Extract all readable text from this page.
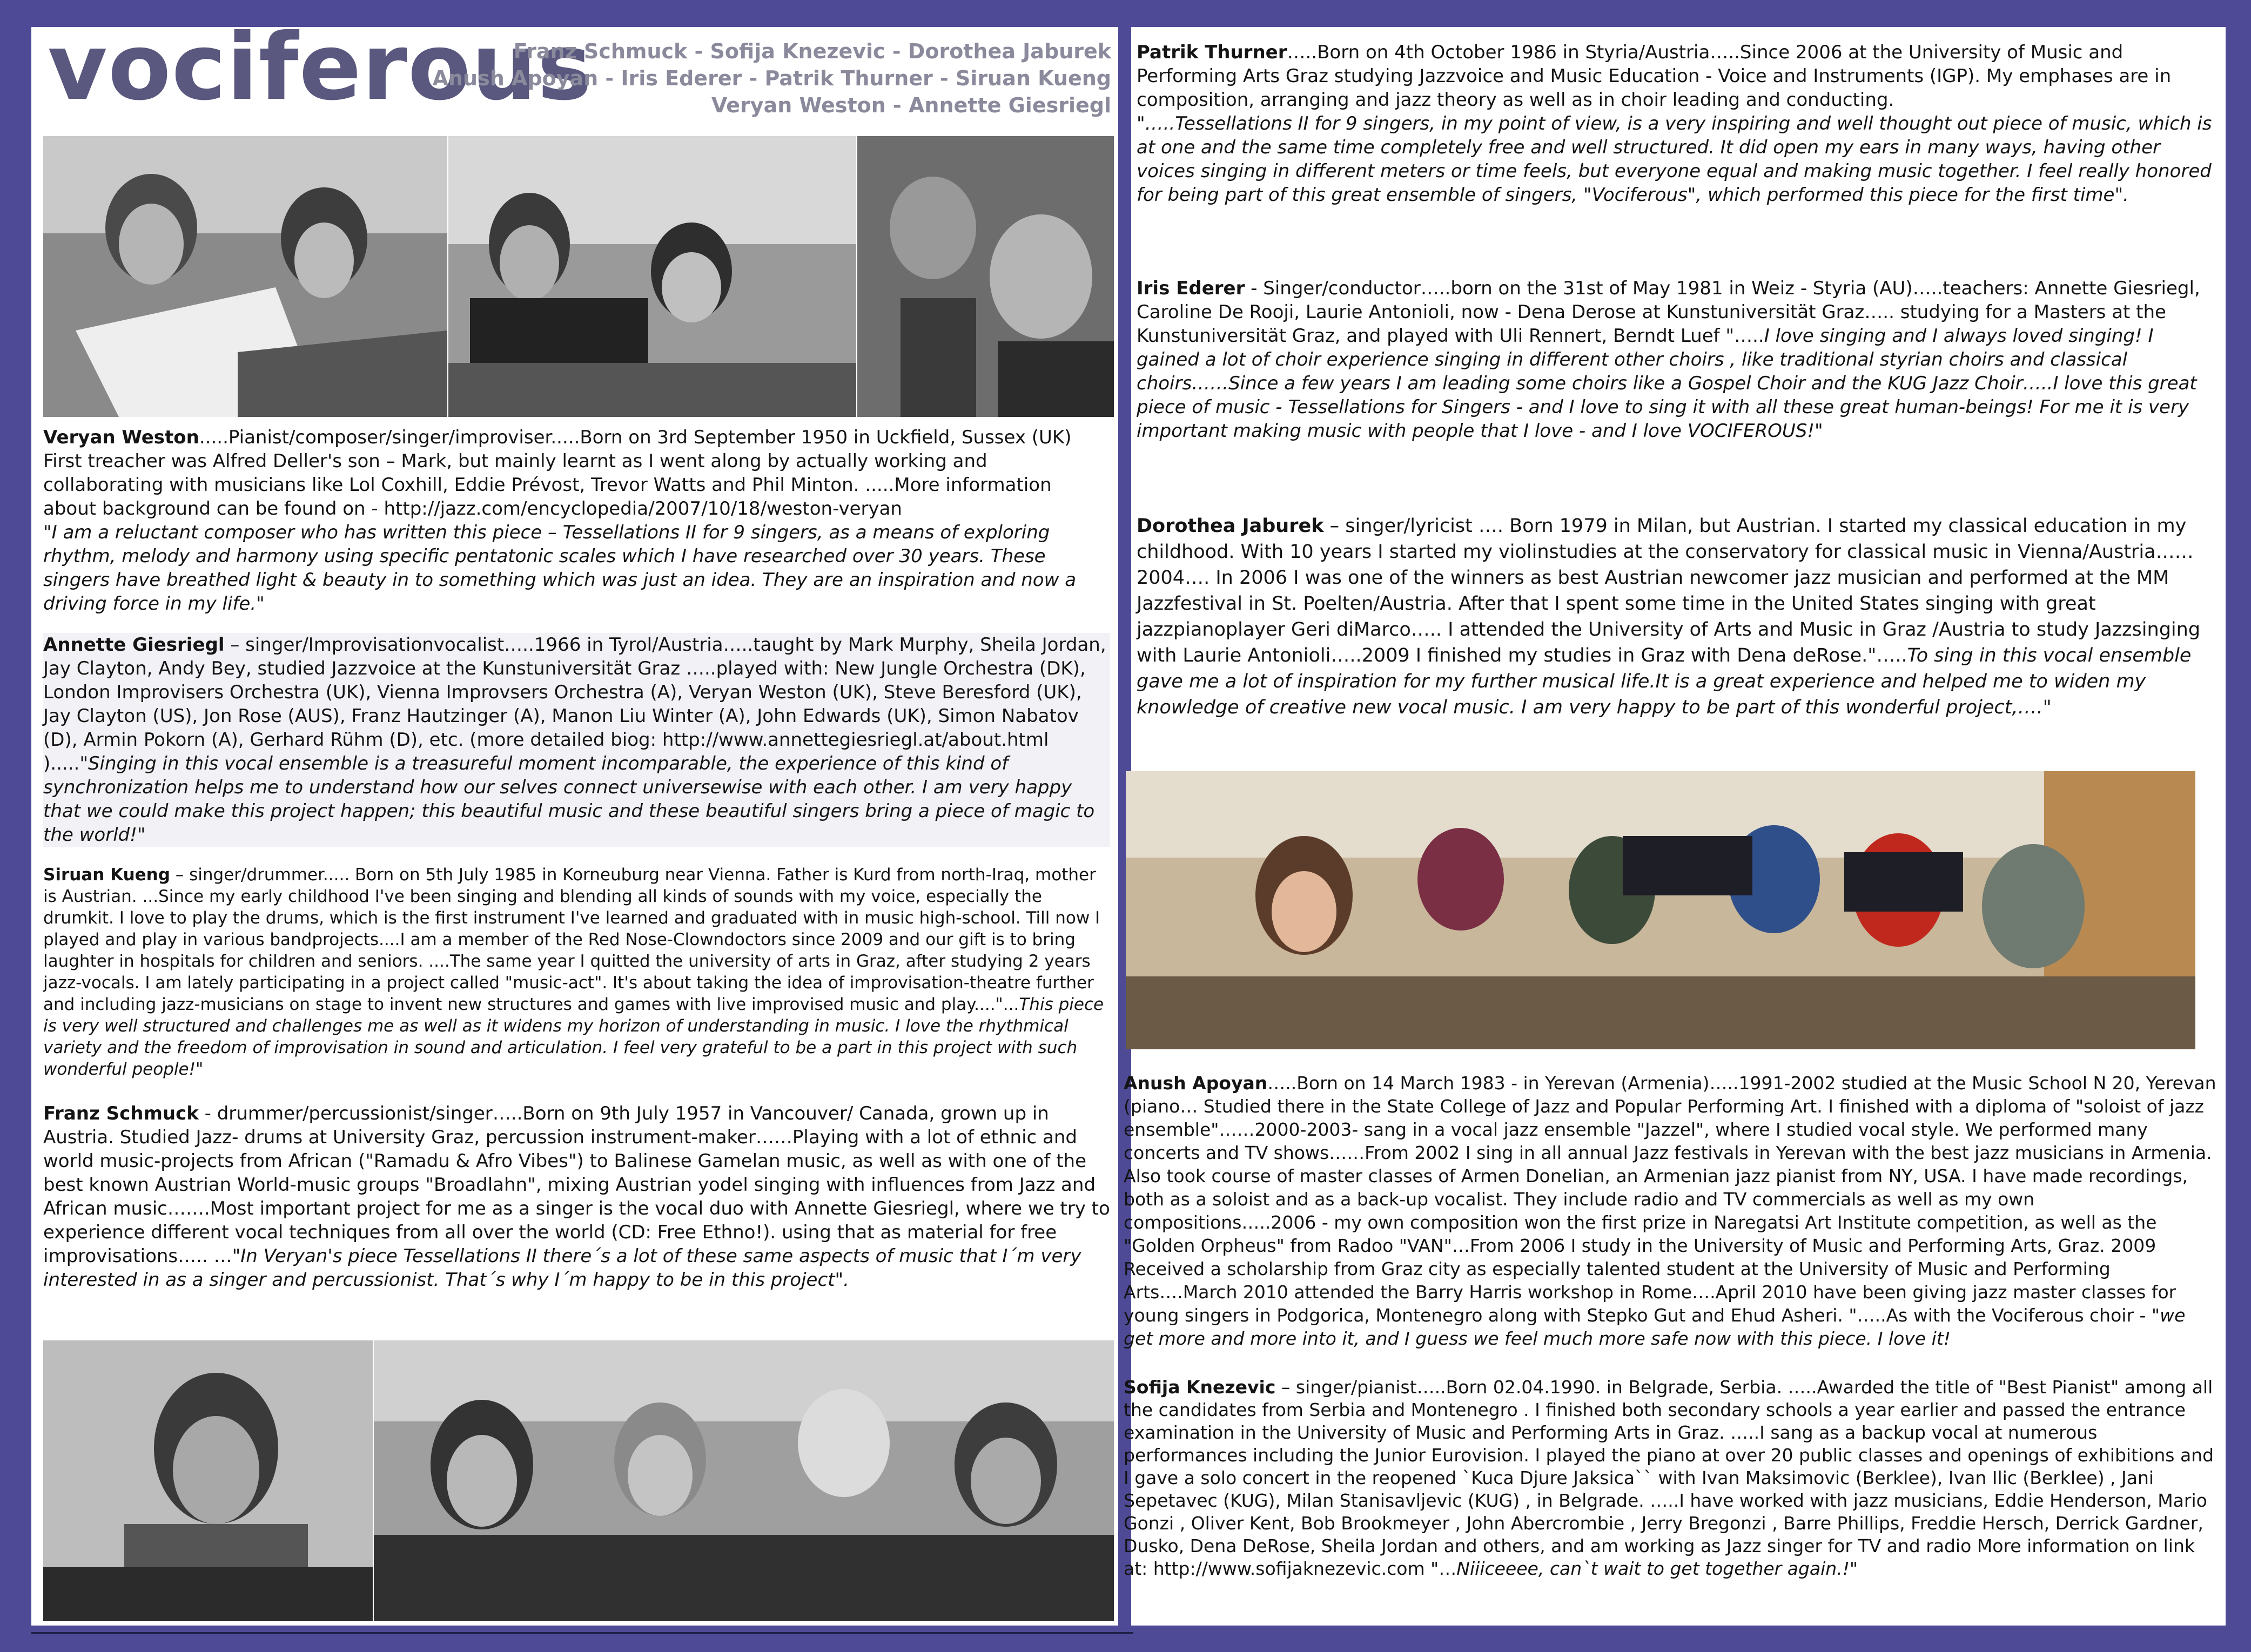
vociferous
Franz Schmuck - Sofija Knezevic - Dorothea Jaburek
Anush Apoyan - Iris Ederer - Patrik Thurner - Siruan Kueng
Veryan Weston - Annette Giesriegl
Veryan Weston.....Pianist/composer/singer/improviser.....Born on 3rd September 1950 in Uckfield, Sussex (UK) First treacher was Alfred Deller's son – Mark, but mainly learnt as I went along by actually working and collaborating with musicians like Lol Coxhill, Eddie Prévost, Trevor Watts and Phil Minton. .....More information about background can be found on - http://jazz.com/encyclopedia/2007/10/18/weston-veryan
"I am a reluctant composer who has written this piece – Tessellations II for 9 singers, as a means of exploring rhythm, melody and harmony using specific pentatonic scales which I have researched over 30 years. These singers have breathed light & beauty in to something which was just an idea. They are an inspiration and now a driving force in my life."
Annette Giesriegl – singer/Improvisationvocalist…..1966 in Tyrol/Austria…..taught by Mark Murphy, Sheila Jordan, Jay Clayton, Andy Bey, studied Jazzvoice at the Kunstuniversität Graz …..played with: New Jungle Orchestra (DK), London Improvisers Orchestra (UK), Vienna Improvsers Orchestra (A), Veryan Weston (UK), Steve Beresford (UK), Jay Clayton (US), Jon Rose (AUS), Franz Hautzinger (A), Manon Liu Winter (A), John Edwards (UK), Simon Nabatov (D), Armin Pokorn (A), Gerhard Rühm (D), etc. (more detailed biog: http://www.annettegiesriegl.at/about.html )....."Singing in this vocal ensemble is a treasureful moment incomparable, the experience of this kind of synchronization helps me to understand how our selves connect universewise with each other. I am very happy that we could make this project happen; this beautiful music and these beautiful singers bring a piece of magic to the world!"
Siruan Kueng – singer/drummer..... Born on 5th July 1985 in Korneuburg near Vienna. Father is Kurd from north-Iraq, mother is Austrian. ...Since my early childhood I've been singing and blending all kinds of sounds with my voice, especially the drumkit. I love to play the drums, which is the first instrument I've learned and graduated with in music high-school. Till now I played and play in various bandprojects....I am a member of the Red Nose-Clowndoctors since 2009 and our gift is to bring laughter in hospitals for children and seniors. ....The same year I quitted the university of arts in Graz, after studying 2 years jazz-vocals. I am lately participating in a project called "music-act". It's about taking the idea of improvisation-theatre further and including jazz-musicians on stage to invent new structures and games with live improvised music and play...."...This piece is very well structured and challenges me as well as it widens my horizon of understanding in music. I love the rhythmical variety and the freedom of improvisation in sound and articulation. I feel very grateful to be a part in this project with such wonderful people!"
Franz Schmuck - drummer/percussionist/singer…..Born on 9th July 1957 in Vancouver/ Canada, grown up in Austria. Studied Jazz- drums at University Graz, percussion instrument-maker……Playing with a lot of ethnic and world music-projects from African ("Ramadu & Afro Vibes") to Balinese Gamelan music, as well as with one of the best known Austrian World-music groups "Broadlahn", mixing Austrian yodel singing with influences from Jazz and African music…….Most important project for me as a singer is the vocal duo with Annette Giesriegl, where we try to experience different vocal techniques from all over the world (CD: Free Ethno!). using that as material for free improvisations….. …"In Veryan's piece Tessellations II there´s a lot of these same aspects of music that I´m very interested in as a singer and percussionist. That´s why I´m happy to be in this project".
Patrik Thurner…..Born on 4th October 1986 in Styria/Austria…..Since 2006 at the University of Music and Performing Arts Graz studying Jazzvoice and Music Education - Voice and Instruments (IGP). My emphases are in composition, arranging and jazz theory as well as in choir leading and conducting.
"…..Tessellations II for 9 singers, in my point of view, is a very inspiring and well thought out piece of music, which is at one and the same time completely free and well structured. It did open my ears in many ways, having other voices singing in different meters or time feels, but everyone equal and making music together. I feel really honored for being part of this great ensemble of singers, "Vociferous", which performed this piece for the first time".
Iris Ederer - Singer/conductor…..born on the 31st of May 1981 in Weiz - Styria (AU)…..teachers: Annette Giesriegl, Caroline De Rooji, Laurie Antonioli, now - Dena Derose at Kunstuniversität Graz….. studying for a Masters at the Kunstuniversität Graz, and played with Uli Rennert, Berndt Luef "…..I love singing and I always loved singing! I gained a lot of choir experience singing in different other choirs , like traditional styrian choirs and classical choirs……Since a few years I am leading some choirs like a Gospel Choir and the KUG Jazz Choir…..I love this great piece of music - Tessellations for Singers - and I love to sing it with all these great human-beings! For me it is very important making music with people that I love - and I love VOCIFEROUS!"
Dorothea Jaburek – singer/lyricist …. Born 1979 in Milan, but Austrian. I started my classical education in my childhood. With 10 years I started my violinstudies at the conservatory for classical music in Vienna/Austria……2004…. In 2006 I was one of the winners as best Austrian newcomer jazz musician and performed at the MM Jazzfestival in St. Poelten/Austria. After that I spent some time in the United States singing with great jazzpianoplayer Geri diMarco….. I attended the University of Arts and Music in Graz /Austria to study Jazzsinging with Laurie Antonioli…..2009 I finished my studies in Graz with Dena deRose."…..To sing in this vocal ensemble gave me a lot of inspiration for my further musical life.It is a great experience and helped me to widen my knowledge of creative new vocal music. I am very happy to be part of this wonderful project,…."
Anush Apoyan…..Born on 14 March 1983 - in Yerevan (Armenia)…..1991-2002 studied at the Music School N 20, Yerevan (piano… Studied there in the State College of Jazz and Popular Performing Art. I finished with a diploma of "soloist of jazz ensemble"……2000-2003- sang in a vocal jazz ensemble "Jazzel", where I studied vocal style. We performed many concerts and TV shows……From 2002 I sing in all annual Jazz festivals in Yerevan with the best jazz musicians in Armenia. Also took course of master classes of Armen Donelian, an Armenian jazz pianist from NY, USA. I have made recordings, both as a soloist and as a back-up vocalist. They include radio and TV commercials as well as my own compositions…..2006 - my own composition won the first prize in Naregatsi Art Institute competition, as well as the "Golden Orpheus" from Radoo "VAN"…From 2006 I study in the University of Music and Performing Arts, Graz. 2009 Received a scholarship from Graz city as especially talented student at the University of Music and Performing Arts….March 2010 attended the Barry Harris workshop in Rome….April 2010 have been giving jazz master classes for young singers in Podgorica, Montenegro along with Stepko Gut and Ehud Asheri. "…..As with the Vociferous choir - "we get more and more into it, and I guess we feel much more safe now with this piece. I love it!
Sofija Knezevic – singer/pianist…..Born 02.04.1990. in Belgrade, Serbia. …..Awarded the title of "Best Pianist" among all the candidates from Serbia and Montenegro . I finished both secondary schools a year earlier and passed the entrance examination in the University of Music and Performing Arts in Graz. …..I sang as a backup vocal at numerous performances including the Junior Eurovision. I played the piano at over 20 public classes and openings of exhibitions and I gave a solo concert in the reopened `Kuca Djure Jaksica`` with Ivan Maksimovic (Berklee), Ivan Ilic (Berklee) , Jani Sepetavec (KUG), Milan Stanisavljevic (KUG) , in Belgrade. …..I have worked with jazz musicians, Eddie Henderson, Mario Gonzi , Oliver Kent, Bob Brookmeyer , John Abercrombie , Jerry Bregonzi , Barre Phillips, Freddie Hersch, Derrick Gardner, Dusko, Dena DeRose, Sheila Jordan and others, and am working as Jazz singer for TV and radio More information on link at: http://www.sofijaknezevic.com "…Niiiceeee, can`t wait to get together again.!"
